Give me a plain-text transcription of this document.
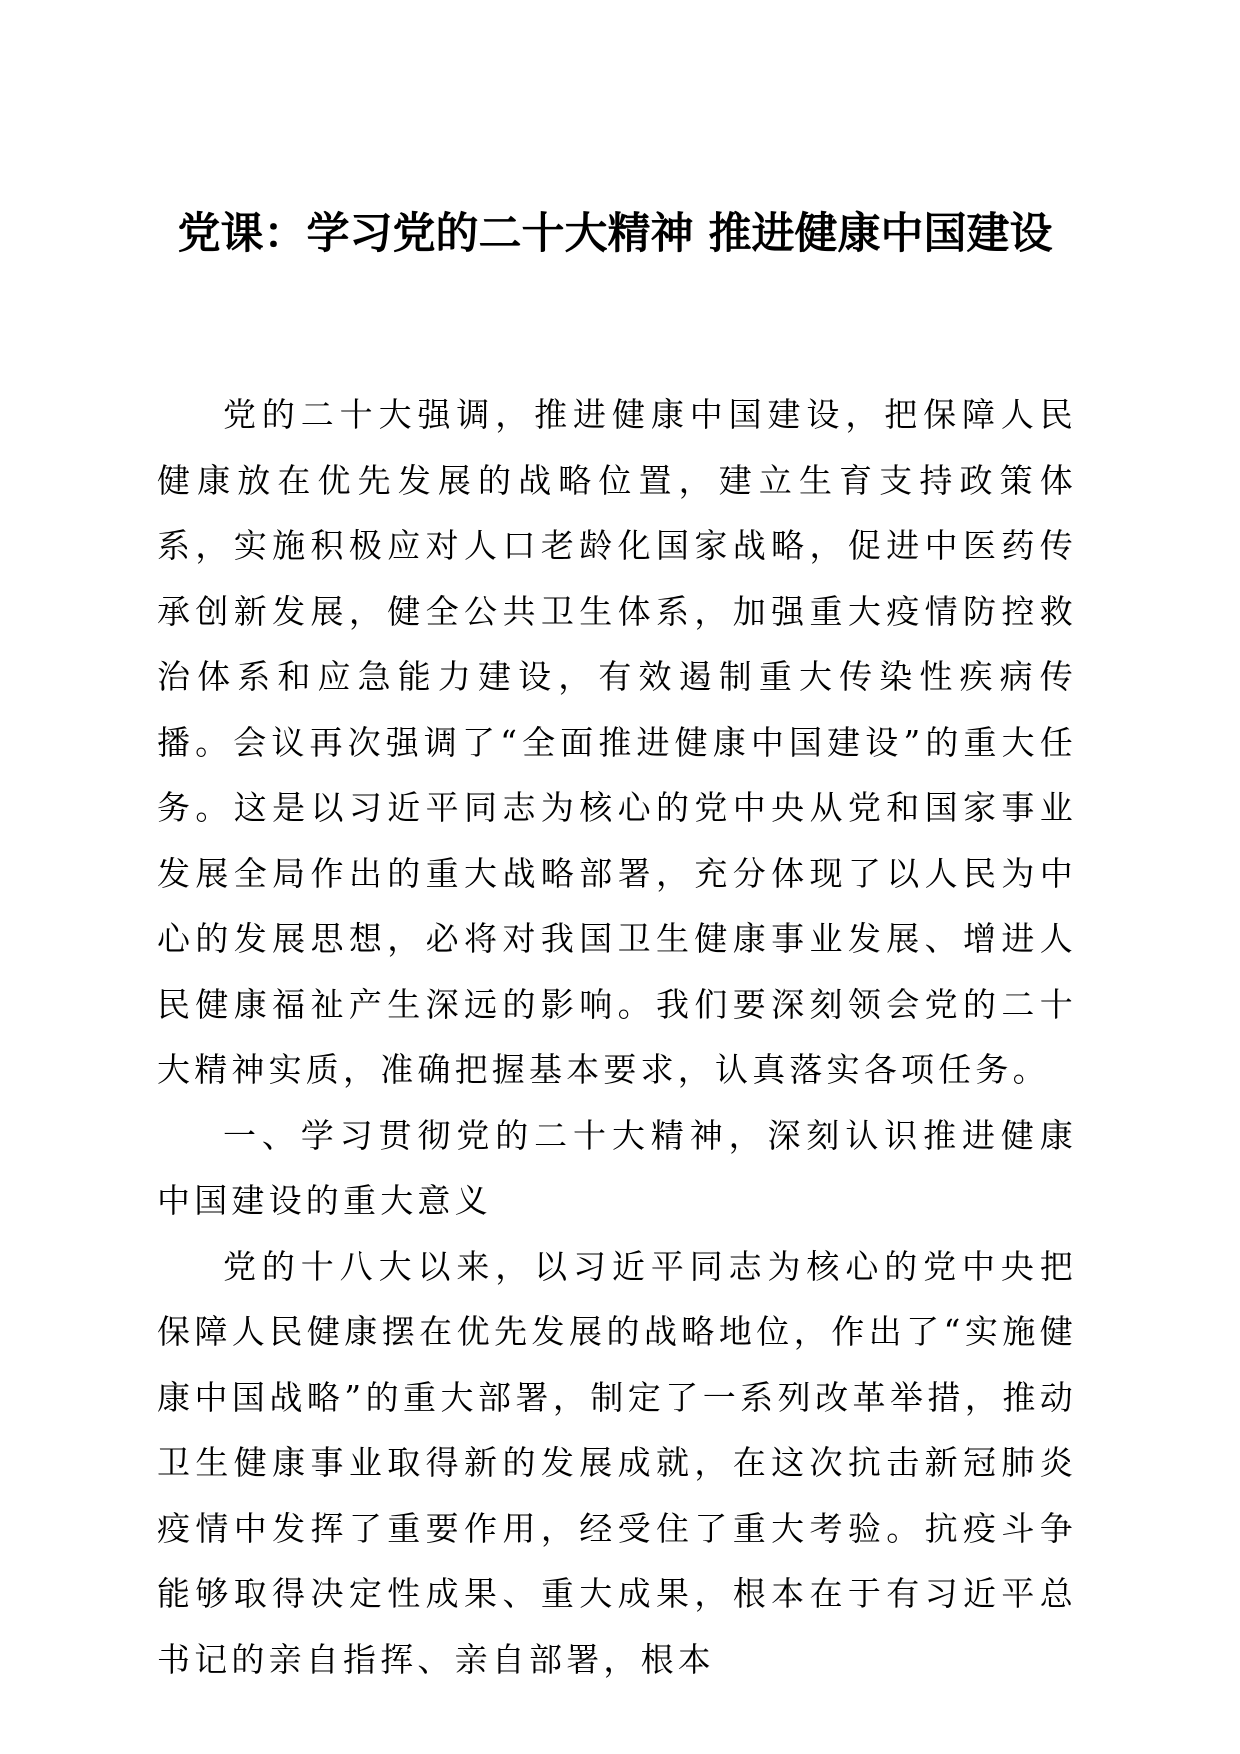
党课：学习党的二十大精神 推进健康中国建设

党的二十大强调，推进健康中国建设，把保障人民健康放在优先发展的战略位置，建立生育支持政策体系，实施积极应对人口老龄化国家战略，促进中医药传承创新发展，健全公共卫生体系，加强重大疫情防控救治体系和应急能力建设，有效遏制重大传染性疾病传播。会议再次强调了“全面推进健康中国建设”的重大任务。这是以习近平同志为核心的党中央从党和国家事业发展全局作出的重大战略部署，充分体现了以人民为中心的发展思想，必将对我国卫生健康事业发展、增进人民健康福祉产生深远的影响。我们要深刻领会党的二十大精神实质，准确把握基本要求，认真落实各项任务。

一、学习贯彻党的二十大精神，深刻认识推进健康中国建设的重大意义

党的十八大以来，以习近平同志为核心的党中央把保障人民健康摆在优先发展的战略地位，作出了“实施健康中国战略”的重大部署，制定了一系列改革举措，推动卫生健康事业取得新的发展成就，在这次抗击新冠肺炎疫情中发挥了重要作用，经受住了重大考验。抗疫斗争能够取得决定性成果、重大成果，根本在于有习近平总书记的亲自指挥、亲自部署，根本
